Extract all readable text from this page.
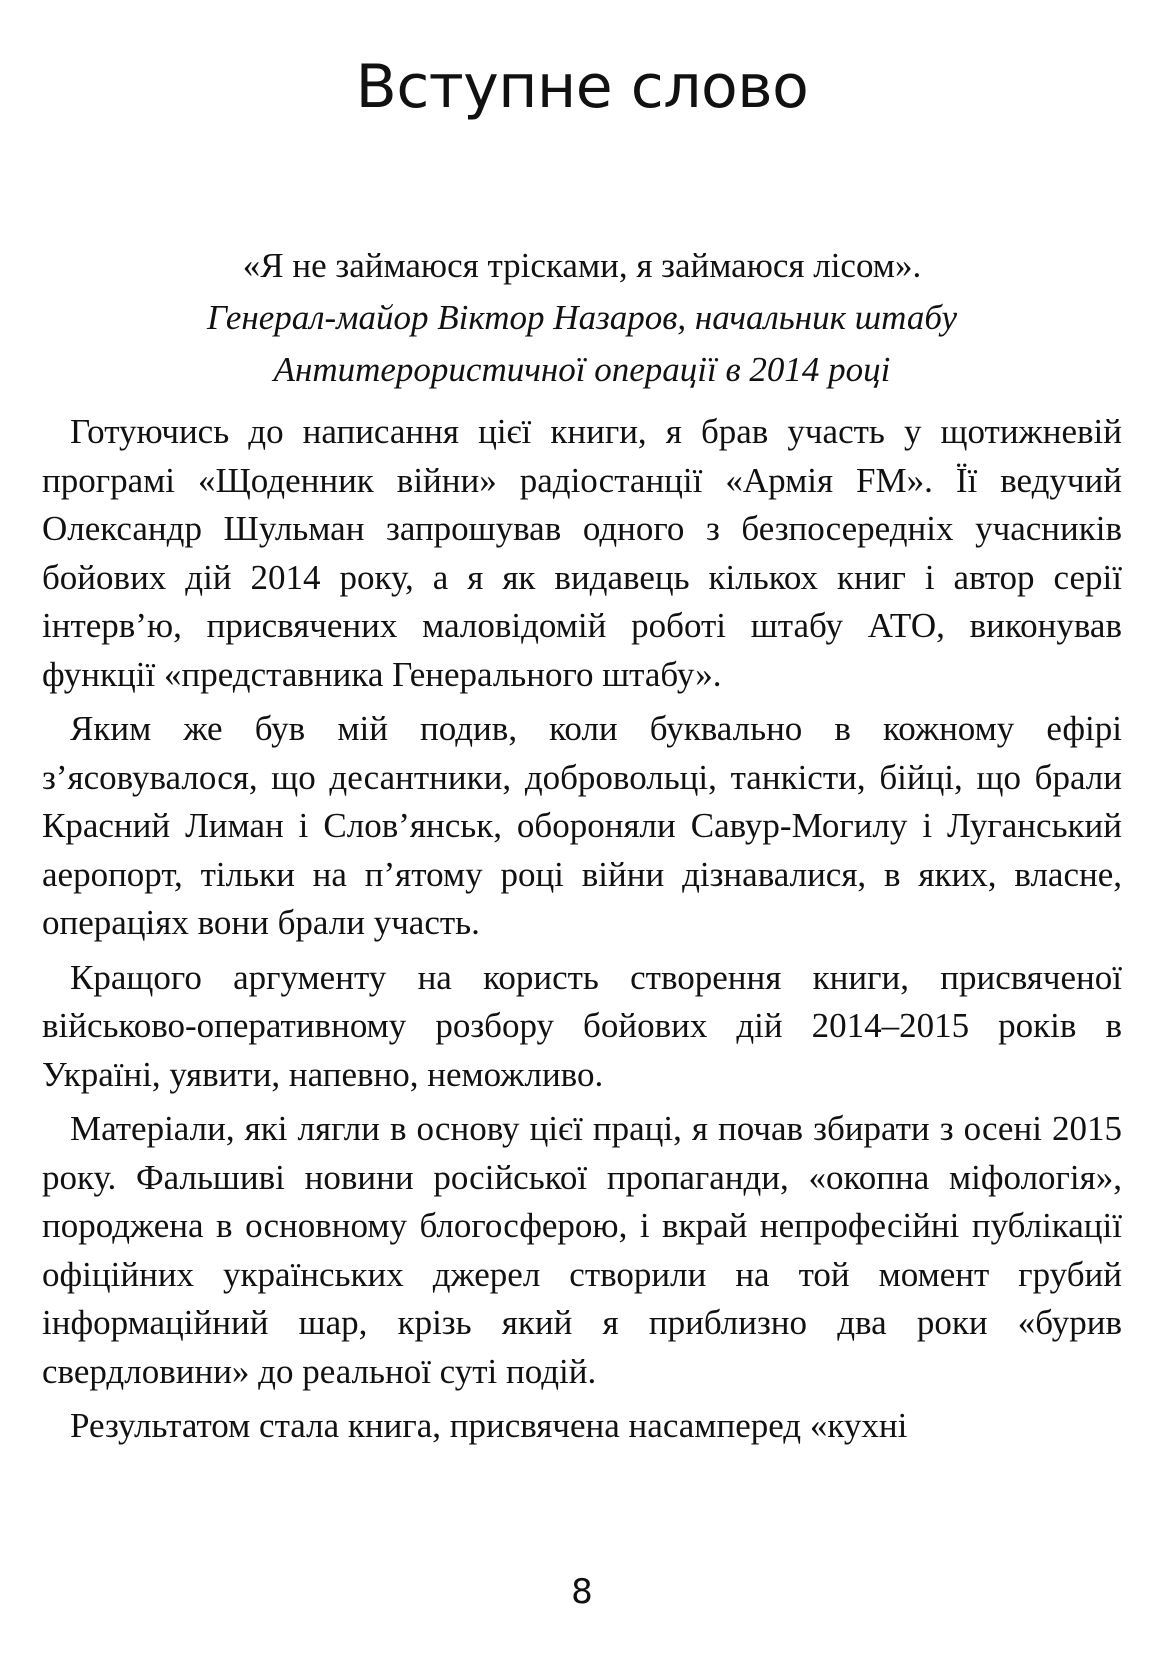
Вступне слово
«Я не займаюся трісками, я займаюся лісом».
Генерал-майор Віктор Назаров, начальник штабу
Антитерористичної операції в 2014 році

Готуючись до написання цієї книги, я брав участь у щотижневій програмі «Щоденник війни» радіостанції «Армія FM». Її ведучий Олександр Шульман запрошував одного з безпосередніх учасників бойових дій 2014 року, а я як видавець кількох книг і автор серії інтерв’ю, присвячених маловідомій роботі штабу АТО, виконував функції «представника Генерального штабу».

Яким же був мій подив, коли буквально в кожному ефірі з’ясовувалося, що десантники, добровольці, танкісти, бійці, що брали Красний Лиман і Слов’янськ, обороняли Савур-Могилу і Луганський аеропорт, тільки на п’ятому році війни дізнавалися, в яких, власне, операціях вони брали участь.

Кращого аргументу на користь створення книги, присвяченої військово-оперативному розбору бойових дій 2014–2015 років в Україні, уявити, напевно, неможливо.

Матеріали, які лягли в основу цієї праці, я почав збирати з осені 2015 року. Фальшиві новини російської пропаганди, «окопна міфологія», породжена в основному блогосферою, і вкрай непрофесійні публікації офіційних українських джерел створили на той момент грубий інформаційний шар, крізь який я приблизно два роки «бурив свердловини» до реальної суті подій.

Результатом стала книга, присвячена насамперед «кухні

8
